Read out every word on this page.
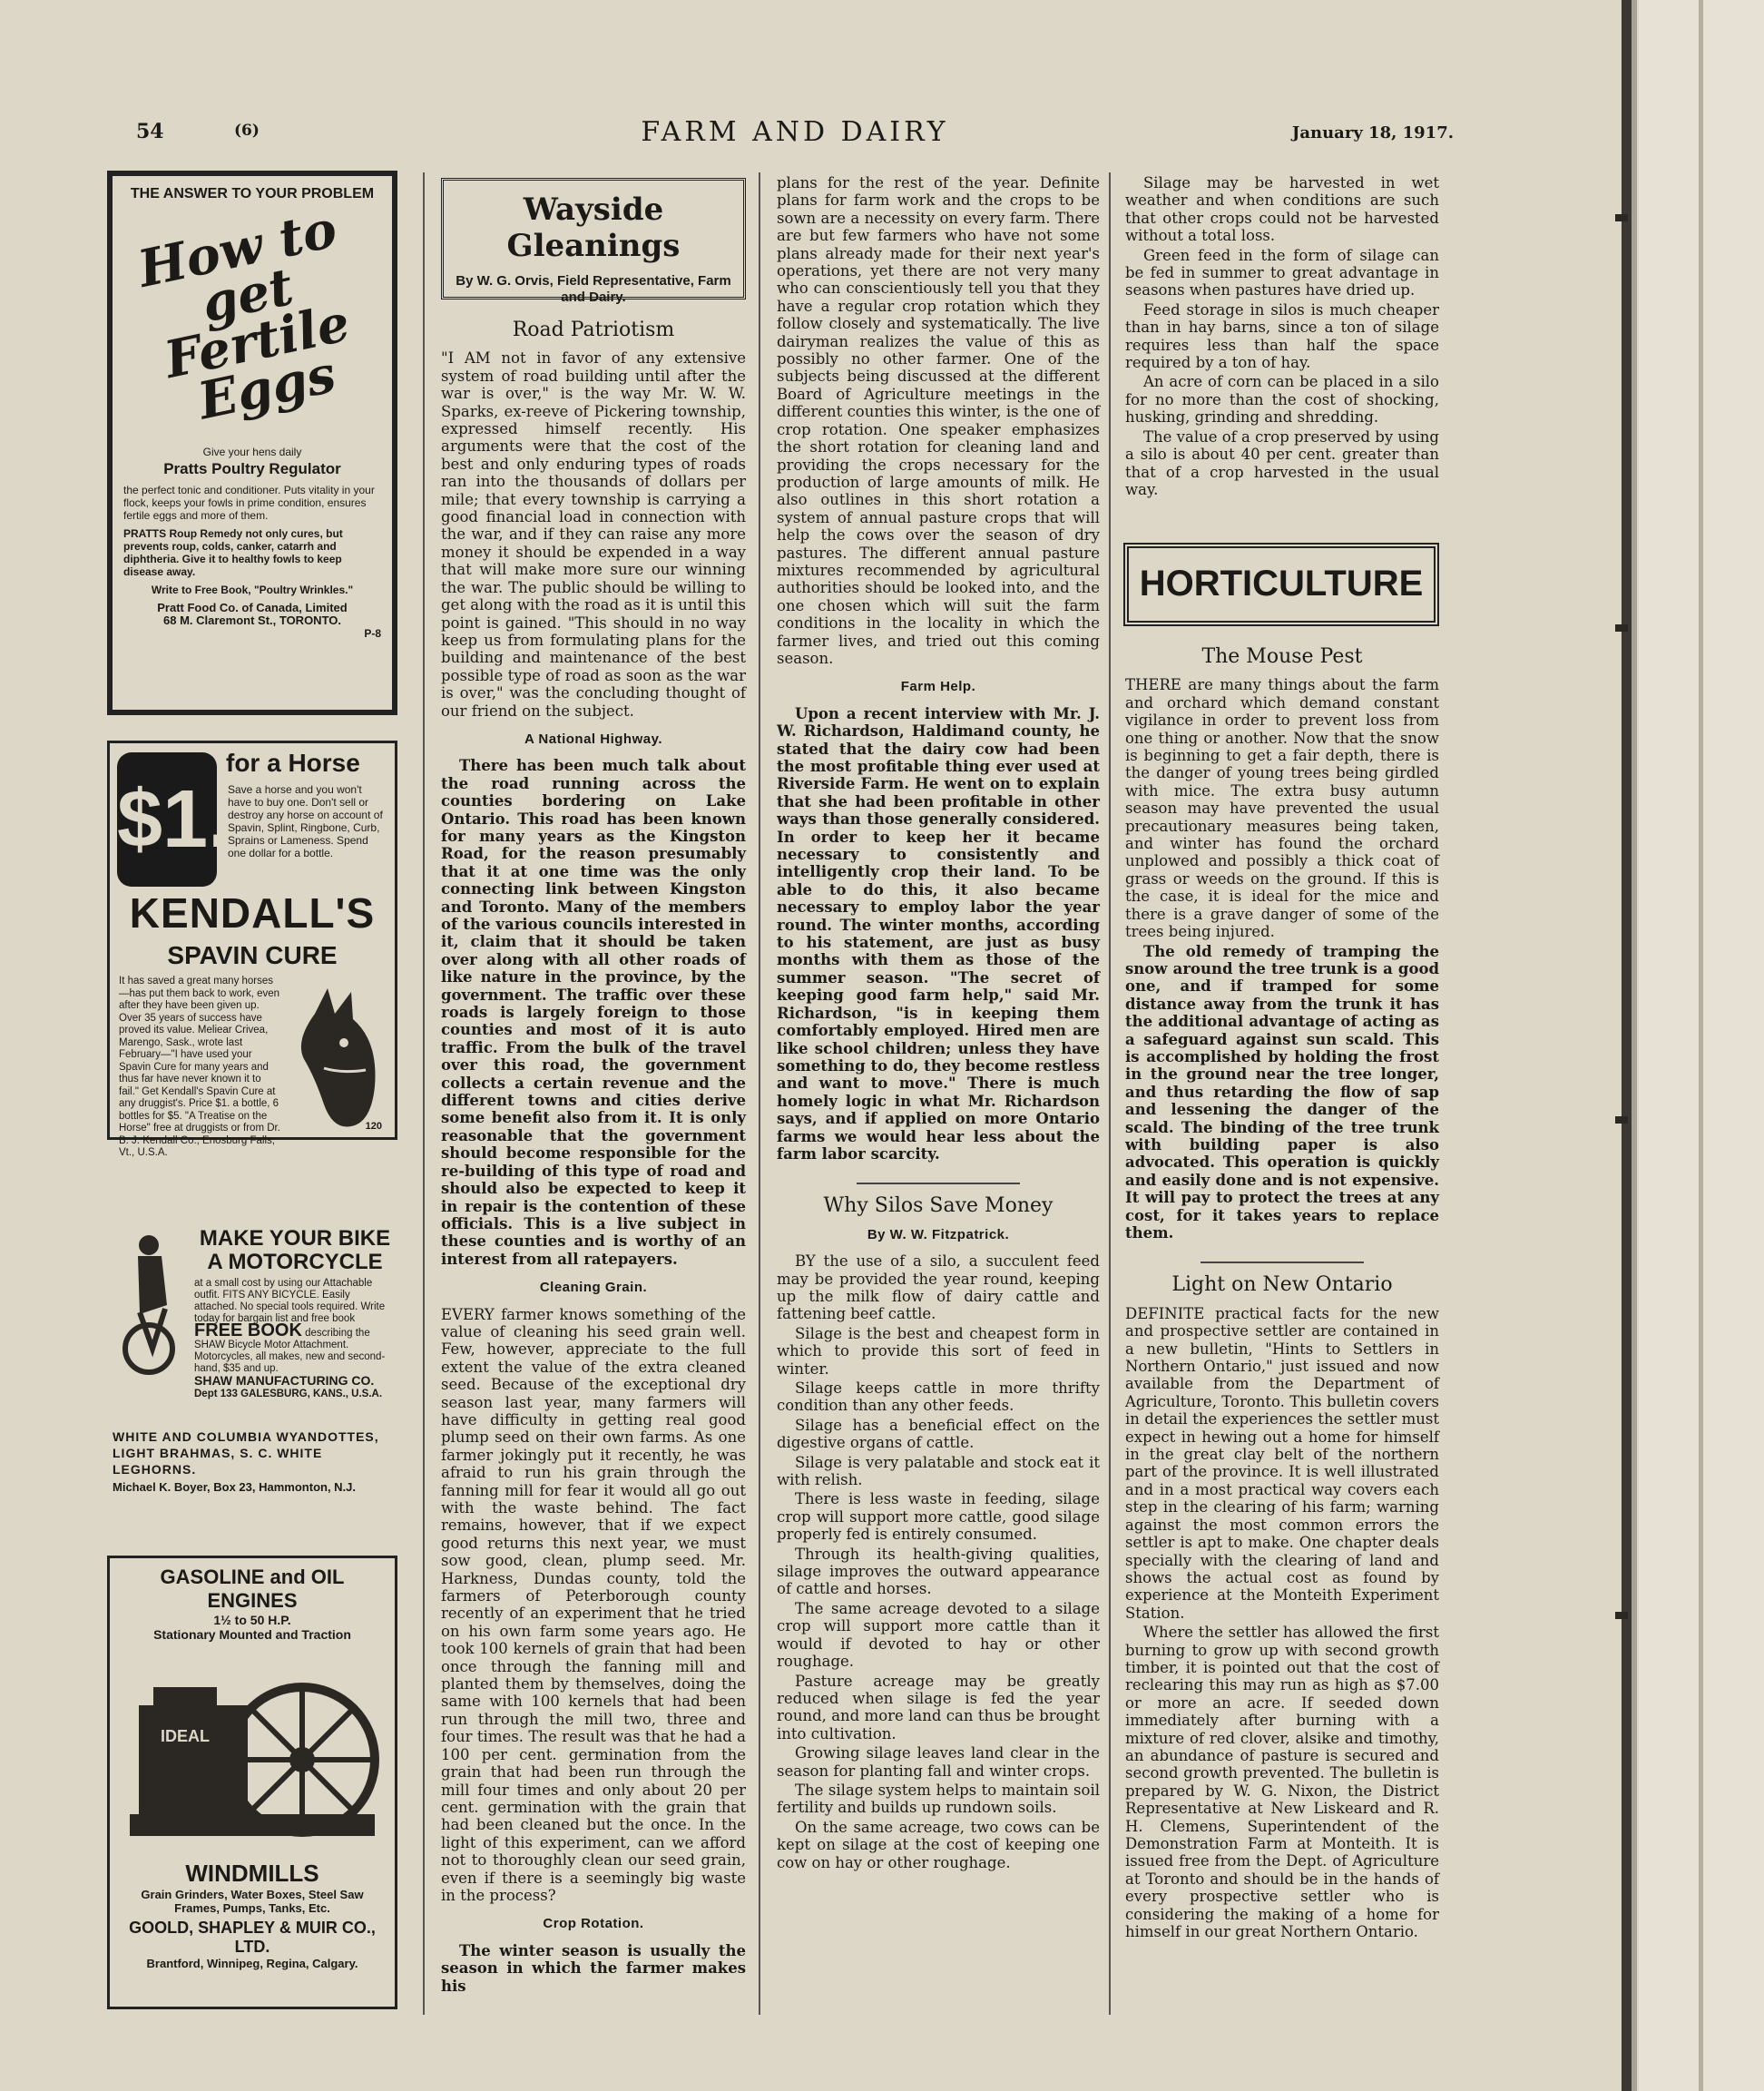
54	(6)	FARM AND DAIRY	January 18, 1917.
THE ANSWER TO YOUR PROBLEM
How to get Fertile Eggs
Give your hens daily
Pratts Poultry Regulator
the perfect tonic and conditioner. Puts vitality in your flock, keeps your fowls in prime condition, ensures fertile eggs and more of them.
PRATTS Roup Remedy not only cures, but prevents roup, colds, canker, catarrh and diphtheria. Give it to healthy fowls to keep disease away.
Write to Free Book, "Poultry Wrinkles."
Pratt Food Co. of Canada, Limited
68 M. Claremont St., TORONTO.
P-8
$1.
for a Horse
Save a horse and you won't have to buy one. Don't sell or destroy any horse on account of Spavin, Splint, Ringbone, Curb, Sprains or Lameness. Spend one dollar for a bottle.
KENDALL'S
SPAVIN CURE
It has saved a great many horses—has put them back to work, even after they have been given up. Over 35 years of success have proved its value. Meliear Crivea, Marengo, Sask., wrote last February—"I have used your Spavin Cure for many years and thus far have never known it to fail." Get Kendall's Spavin Cure at any druggist's. Price $1. a bottle, 6 bottles for $5. "A Treatise on the Horse" free at druggists or from Dr. B. J. Kendall Co., Enosburg Falls, Vt., U.S.A.
120
MAKE YOUR BIKE A MOTORCYCLE
at a small cost by using our Attachable outfit. FITS ANY BICYCLE. Easily attached. No special tools required. Write today for bargain list and free book FREE BOOK describing the SHAW Bicycle Motor Attachment. Motorcycles, all makes, new and second-hand, $35 and up.
SHAW MANUFACTURING CO.
Dept 133 GALESBURG, KANS., U.S.A.
WHITE AND COLUMBIA WYANDOTTES, LIGHT BRAHMAS, S. C. WHITE LEGHORNS.
Michael K. Boyer, Box 23, Hammonton, N.J.
GASOLINE and OIL ENGINES
1½ to 50 H.P.
Stationary Mounted and Traction
IDEAL
WINDMILLS
Grain Grinders, Water Boxes, Steel Saw Frames, Pumps, Tanks, Etc.
GOOLD, SHAPLEY & MUIR CO., LTD.
Brantford, Winnipeg, Regina, Calgary.
Wayside Gleanings
By W. G. Orvis, Field Representative, Farm and Dairy.
Road Patriotism

"I AM not in favor of any extensive system of road building until after the war is over," is the way Mr. W. W. Sparks, ex-reeve of Pickering township, expressed himself recently. His arguments were that the cost of the best and only enduring types of roads ran into the thousands of dollars per mile; that every township is carrying a good financial load in connection with the war, and if they can raise any more money it should be expended in a way that will make more sure our winning the war. The public should be willing to get along with the road as it is until this point is gained. "This should in no way keep us from formulating plans for the building and maintenance of the best possible type of road as soon as the war is over," was the concluding thought of our friend on the subject.

A National Highway.

There has been much talk about the road running across the counties bordering on Lake Ontario. This road has been known for many years as the Kingston Road, for the reason presumably that it at one time was the only connecting link between Kingston and Toronto. Many of the members of the various councils interested in it, claim that it should be taken over along with all other roads of like nature in the province, by the government. The traffic over these roads is largely foreign to those counties and most of it is auto traffic. From the bulk of the travel over this road, the government collects a certain revenue and the different towns and cities derive some benefit also from it. It is only reasonable that the government should become responsible for the re-building of this type of road and should also be expected to keep it in repair is the contention of these officials. This is a live subject in these counties and is worthy of an interest from all ratepayers.

Cleaning Grain.

EVERY farmer knows something of the value of cleaning his seed grain well. Few, however, appreciate to the full extent the value of the extra cleaned seed. Because of the exceptional dry season last year, many farmers will have difficulty in getting real good plump seed on their own farms. As one farmer jokingly put it recently, he was afraid to run his grain through the fanning mill for fear it would all go out with the waste behind. The fact remains, however, that if we expect good returns this next year, we must sow good, clean, plump seed. Mr. Harkness, Dundas county, told the farmers of Peterborough county recently of an experiment that he tried on his own farm some years ago. He took 100 kernels of grain that had been once through the fanning mill and planted them by themselves, doing the same with 100 kernels that had been run through the mill two, three and four times. The result was that he had a 100 per cent. germination from the grain that had been run through the mill four times and only about 20 per cent. germination with the grain that had been cleaned but the once. In the light of this experiment, can we afford not to thoroughly clean our seed grain, even if there is a seemingly big waste in the process?

Crop Rotation.

The winter season is usually the season in which the farmer makes his

plans for the rest of the year. Definite plans for farm work and the crops to be sown are a necessity on every farm. There are but few farmers who have not some plans already made for their next year's operations, yet there are not very many who can conscientiously tell you that they have a regular crop rotation which they follow closely and systematically. The live dairyman realizes the value of this as possibly no other farmer. One of the subjects being discussed at the different Board of Agriculture meetings in the different counties this winter, is the one of crop rotation. One speaker emphasizes the short rotation for cleaning land and providing the crops necessary for the production of large amounts of milk. He also outlines in this short rotation a system of annual pasture crops that will help the cows over the season of dry pastures. The different annual pasture mixtures recommended by agricultural authorities should be looked into, and the one chosen which will suit the farm conditions in the locality in which the farmer lives, and tried out this coming season.

Farm Help.

Upon a recent interview with Mr. J. W. Richardson, Haldimand county, he stated that the dairy cow had been the most profitable thing ever used at Riverside Farm. He went on to explain that she had been profitable in other ways than those generally considered. In order to keep her it became necessary to consistently and intelligently crop their land. To be able to do this, it also became necessary to employ labor the year round. The winter months, according to his statement, are just as busy months with them as those of the summer season. "The secret of keeping good farm help," said Mr. Richardson, "is in keeping them comfortably employed. Hired men are like school children; unless they have something to do, they become restless and want to move." There is much homely logic in what Mr. Richardson says, and if applied on more Ontario farms we would hear less about the farm labor scarcity.

Why Silos Save Money
By W. W. Fitzpatrick.

BY the use of a silo, a succulent feed may be provided the year round, keeping up the milk flow of dairy cattle and fattening beef cattle.

Silage is the best and cheapest form in which to provide this sort of feed in winter.

Silage keeps cattle in more thrifty condition than any other feeds.

Silage has a beneficial effect on the digestive organs of cattle.

Silage is very palatable and stock eat it with relish.

There is less waste in feeding, silage crop will support more cattle, good silage properly fed is entirely consumed.

Through its health-giving qualities, silage improves the outward appearance of cattle and horses.

The same acreage devoted to a silage crop will support more cattle than it would if devoted to hay or other roughage.

Pasture acreage may be greatly reduced when silage is fed the year round, and more land can thus be brought into cultivation.

Growing silage leaves land clear in the season for planting fall and winter crops.

The silage system helps to maintain soil fertility and builds up rundown soils.

On the same acreage, two cows can be kept on silage at the cost of keeping one cow on hay or other roughage.

Silage may be harvested in wet weather and when conditions are such that other crops could not be harvested without a total loss.

Green feed in the form of silage can be fed in summer to great advantage in seasons when pastures have dried up.

Feed storage in silos is much cheaper than in hay barns, since a ton of silage requires less than half the space required by a ton of hay.

An acre of corn can be placed in a silo for no more than the cost of shocking, husking, grinding and shredding.

The value of a crop preserved by using a silo is about 40 per cent. greater than that of a crop harvested in the usual way.

HORTICULTURE
The Mouse Pest

THERE are many things about the farm and orchard which demand constant vigilance in order to prevent loss from one thing or another. Now that the snow is beginning to get a fair depth, there is the danger of young trees being girdled with mice. The extra busy autumn season may have prevented the usual precautionary measures being taken, and winter has found the orchard unplowed and possibly a thick coat of grass or weeds on the ground. If this is the case, it is ideal for the mice and there is a grave danger of some of the trees being injured.

The old remedy of tramping the snow around the tree trunk is a good one, and if tramped for some distance away from the trunk it has the additional advantage of acting as a safeguard against sun scald. This is accomplished by holding the frost in the ground near the tree longer, and thus retarding the flow of sap and lessening the danger of the scald. The binding of the tree trunk with building paper is also advocated. This operation is quickly and easily done and is not expensive. It will pay to protect the trees at any cost, for it takes years to replace them.

Light on New Ontario

DEFINITE practical facts for the new and prospective settler are contained in a new bulletin, "Hints to Settlers in Northern Ontario," just issued and now available from the Department of Agriculture, Toronto. This bulletin covers in detail the experiences the settler must expect in hewing out a home for himself in the great clay belt of the northern part of the province. It is well illustrated and in a most practical way covers each step in the clearing of his farm; warning against the most common errors the settler is apt to make. One chapter deals specially with the clearing of land and shows the actual cost as found by experience at the Monteith Experiment Station.

Where the settler has allowed the first burning to grow up with second growth timber, it is pointed out that the cost of reclearing this may run as high as $7.00 or more an acre. If seeded down immediately after burning with a mixture of red clover, alsike and timothy, an abundance of pasture is secured and second growth prevented. The bulletin is prepared by W. G. Nixon, the District Representative at New Liskeard and R. H. Clemens, Superintendent of the Demonstration Farm at Monteith. It is issued free from the Dept. of Agriculture at Toronto and should be in the hands of every prospective settler who is considering the making of a home for himself in our great Northern Ontario.
